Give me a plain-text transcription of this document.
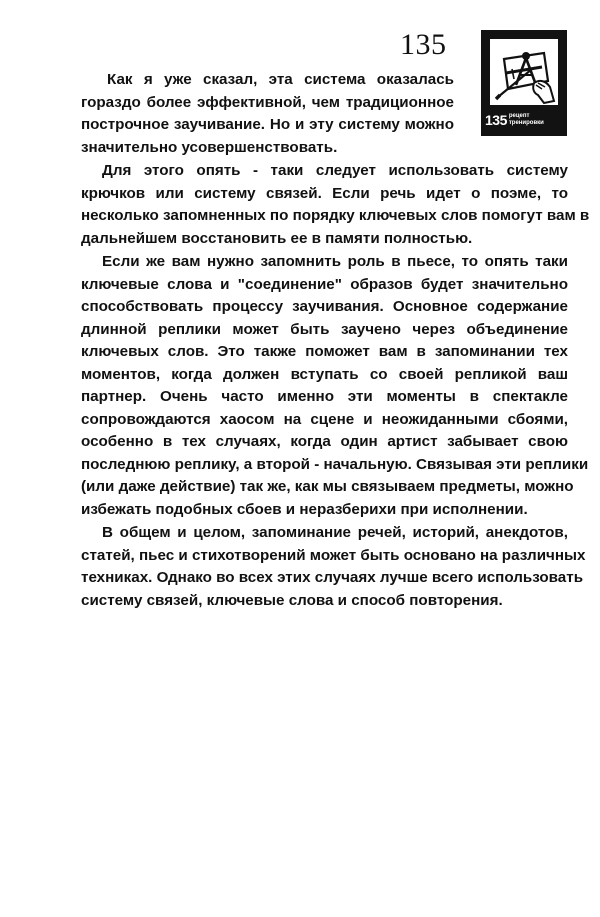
135
135 рецепт
тренировки

Как я уже сказал, эта система оказалась
гораздо более эффективной, чем традиционное
построчное заучивание. Но и эту систему можно
значительно усовершенствовать.

Для этого опять - таки следует использовать систему
крючков или систему связей. Если речь идет о поэме, то
несколько запомненных по порядку ключевых слов помогут вам в
дальнейшем восстановить ее в памяти полностью.

Если же вам нужно запомнить роль в пьесе, то опять таки
ключевые слова и "соединение" образов будет значительно
способствовать процессу заучивания. Основное содержание
длинной реплики может быть заучено через объединение
ключевых слов. Это также поможет вам в запоминании тех
моментов, когда должен вступать со своей репликой ваш
партнер. Очень часто именно эти моменты в спектакле
сопровождаются хаосом на сцене и неожиданными сбоями,
особенно в тех случаях, когда один артист забывает свою
последнюю реплику, а второй - начальную. Связывая эти реплики
(или даже действие) так же, как мы связываем предметы, можно
избежать подобных сбоев и неразберихи при исполнении.

В общем и целом, запоминание речей, историй, анекдотов,
статей, пьес и стихотворений может быть основано на различных
техниках. Однако во всех этих случаях лучше всего использовать
систему связей, ключевые слова и способ повторения.
